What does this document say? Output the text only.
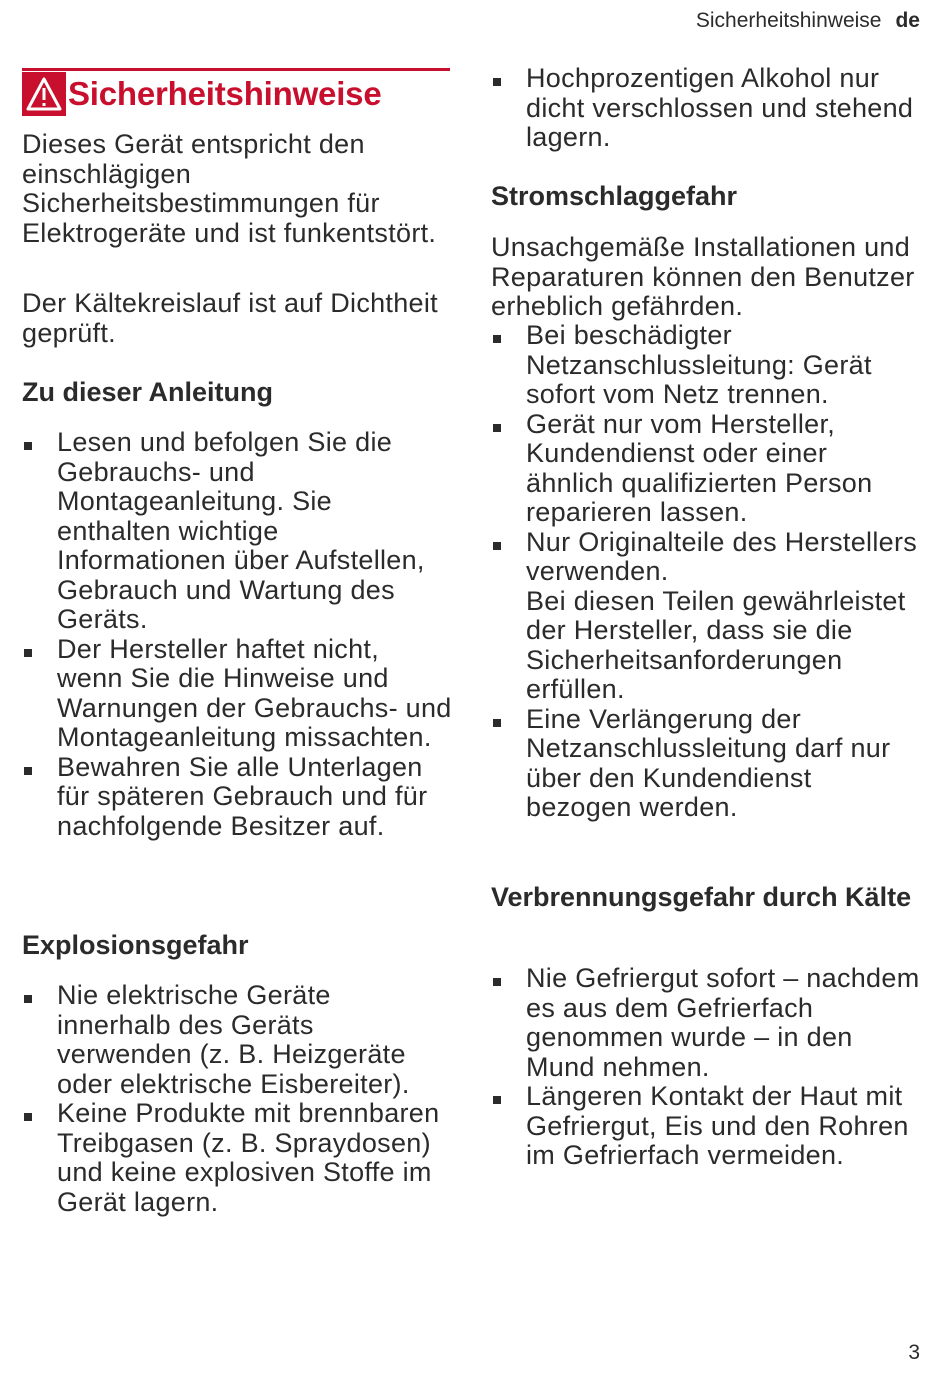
Sicherheitshinweise de
Sicherheitshinweise

Dieses Gerät entspricht den einschlägigen Sicherheitsbestimmungen für Elektrogeräte und ist funkentstört.

Der Kältekreislauf ist auf Dichtheit geprüft.

Zu dieser Anleitung
Lesen und befolgen Sie die Gebrauchs- und Montageanleitung. Sie enthalten wichtige Informationen über Aufstellen, Gebrauch und Wartung des Geräts.
Der Hersteller haftet nicht, wenn Sie die Hinweise und Warnungen der Gebrauchs- und Montageanleitung missachten.
Bewahren Sie alle Unterlagen für späteren Gebrauch und für nachfolgende Besitzer auf.
Explosionsgefahr
Nie elektrische Geräte innerhalb des Geräts verwenden (z. B. Heizgeräte oder elektrische Eisbereiter).
Keine Produkte mit brennbaren Treibgasen (z. B. Spraydosen) und keine explosiven Stoffe im Gerät lagern.
Hochprozentigen Alkohol nur dicht verschlossen und stehend lagern.
Stromschlaggefahr

Unsachgemäße Installationen und Reparaturen können den Benutzer erheblich gefährden.

Bei beschädigter Netzanschlussleitung: Gerät sofort vom Netz trennen.
Gerät nur vom Hersteller, Kundendienst oder einer ähnlich qualifizierten Person reparieren lassen.
Nur Originalteile des Herstellers verwenden.
Bei diesen Teilen gewährleistet der Hersteller, dass sie die Sicherheitsanforderungen erfüllen.
Eine Verlängerung der Netzanschlussleitung darf nur über den Kundendienst bezogen werden.
Verbrennungsgefahr durch Kälte
Nie Gefriergut sofort – nachdem es aus dem Gefrierfach genommen wurde – in den Mund nehmen.
Längeren Kontakt der Haut mit Gefriergut, Eis und den Rohren im Gefrierfach vermeiden.
3
